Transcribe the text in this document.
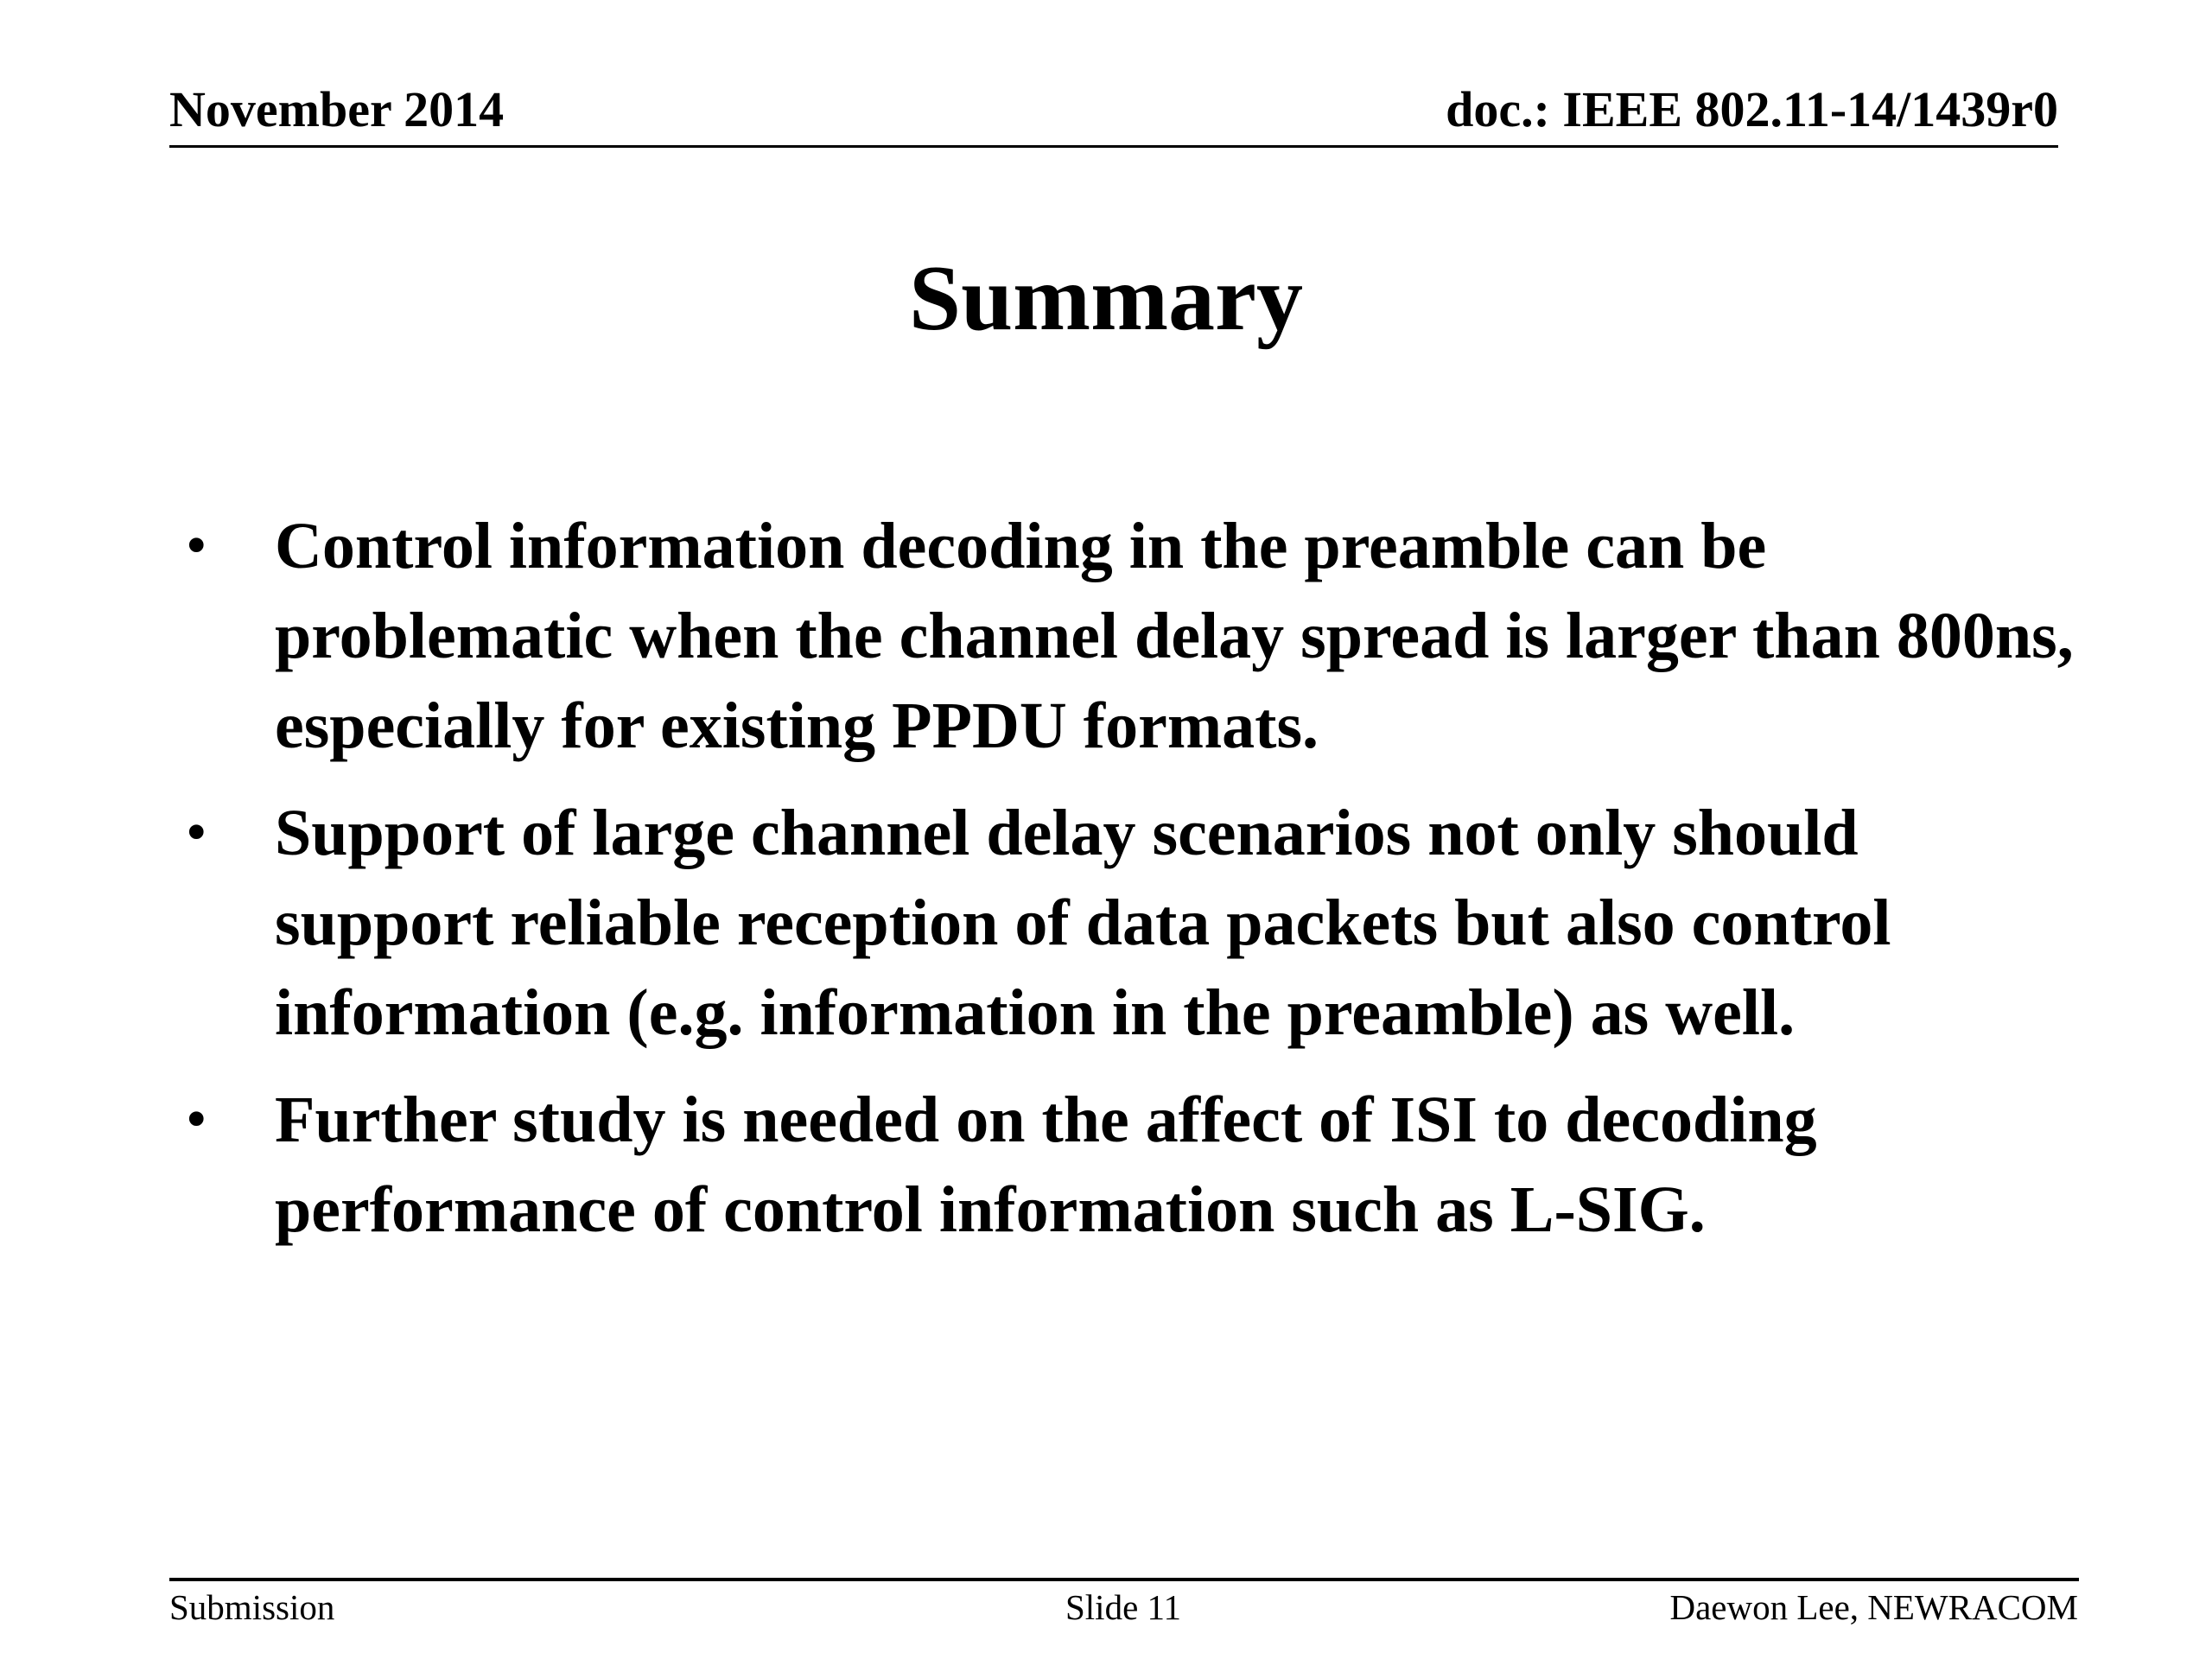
November 2014	doc.: IEEE 802.11-14/1439r0
Summary
• Control information decoding in the preamble can be problematic when the channel delay spread is larger than 800ns, especially for existing PPDU formats.
• Support of large channel delay scenarios not only should support reliable reception of data packets but also control information (e.g. information in the preamble) as well.
• Further study is needed on the affect of ISI to decoding performance of control information such as L-SIG.
Submission	Slide 11	Daewon Lee, NEWRACOM
